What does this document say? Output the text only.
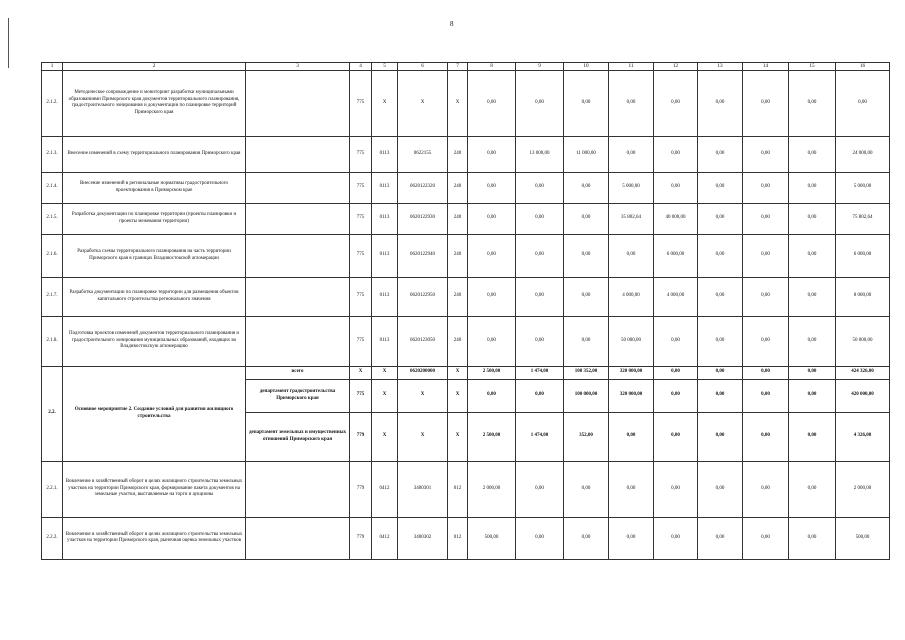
8
1	2	3	4	5	6	7	8	9	10	11	12	13	14	15	16
2.1.2.	Методическое сопровождение и мониторинг разработки муниципальными образованиями Приморского края документов территориального планирования, градостроительного зонирования и документации по планировке территорий Приморского края		775	Х	Х	Х	0,00	0,00	0,00	0,00	0,00	0,00	0,00	0,00	0,00
2.1.3.	Внесение изменений в схему территориального планирования Приморского края		775	0113	0622155	240	0,00	13 000,00	11 000,00	0,00	0,00	0,00	0,00	0,00	24 000,00
2.1.4.	Внесение изменений в региональные нормативы градостроительного проектирования в Приморском крае		775	0113	0620122320	240	0,00	0,00	0,00	5 000,00	0,00	0,00	0,00	0,00	5 000,00
2.1.5.	Разработка документации по планировке территории (проекты планировки и проекты межевания территории)		775	0113	0620122930	240	0,00	0,00	0,00	35 802,64	40 000,00	0,00	0,00	0,00	75 802,64
2.1.6.	Разработка схемы территориального планирования на часть территории Приморского края в границах Владивостокской агломерации		775	0113	0620122940	240	0,00	0,00	0,00	0,00	6 000,00	0,00	0,00	0,00	6 000,00
2.1.7.	Разработка документации по планировке территории для размещения объектов капитального строительства регионального значения		775	0113	0620122950	240	0,00	0,00	0,00	4 000,00	4 000,00	0,00	0,00	0,00	8 000,00
2.1.8.	Подготовка проектов изменений документов территориального планирования и градостроительного зонирования муниципальных образований, входящих во Владивостокскую агломерацию		775	0113	0620123050	240	0,00	0,00	0,00	50 000,00	0,00	0,00	0,00	0,00	50 000,00
2.2.	Основное мероприятие 2. Создание условий для развития жилищного строительства	всего	Х	Х	0620200000	Х	2 500,00	1 474,00	100 352,00	320 000,00	0,00	0,00	0,00	0,00	424 326,00
		департамент градостроительства Приморского края	775	Х	Х	Х	0,00	0,00	100 000,00	320 000,00	0,00	0,00	0,00	0,00	420 000,00
		департамент земельных и имущественных отношений Приморского края	779	Х	Х	Х	2 500,00	1 474,00	352,00	0,00	0,00	0,00	0,00	0,00	4 326,00
2.2.1.	Вовлечение в хозяйственный оборот в целях жилищного строительства земельных участков на территории Приморского края, формирование пакета документов на земельные участки, выставляемые на торги и аукционы		779	0412	3400301	012	2 000,00	0,00	0,00	0,00	0,00	0,00	0,00	0,00	2 000,00
2.2.2.	Вовлечение в хозяйственный оборот в целях жилищного строительства земельных участков на территории Приморского края, рыночная оценка земельных участков		779	0412	3400302	012	500,00	0,00	0,00	0,00	0,00	0,00	0,00	0,00	500,00
